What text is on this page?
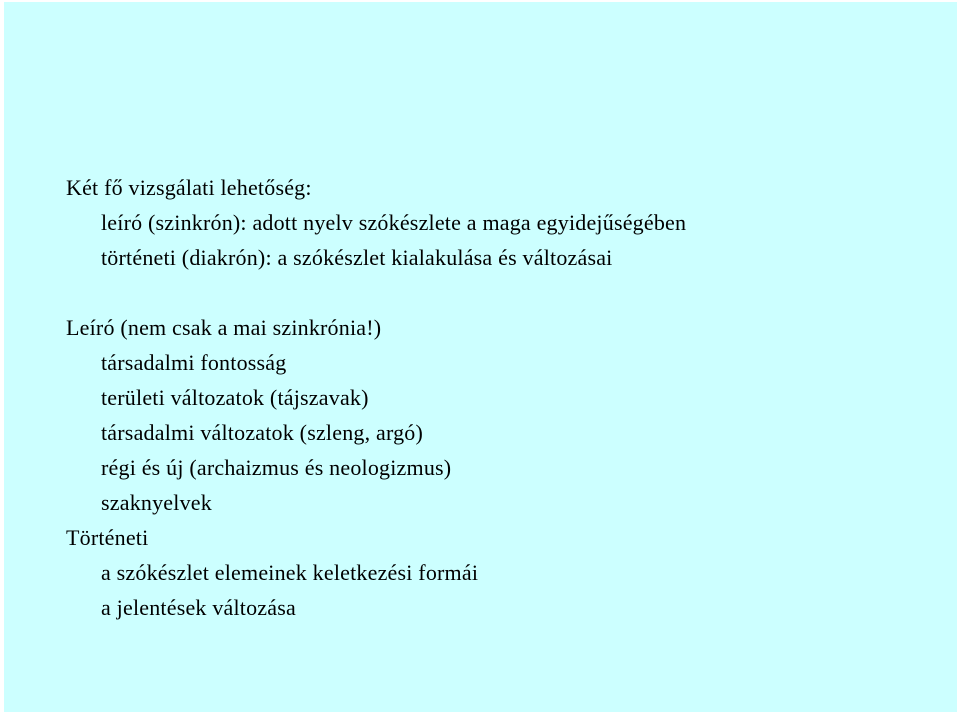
Két fő vizsgálati lehetőség:
leíró (szinkrón): adott nyelv szókészlete a maga egyidejűségében
történeti (diakrón): a szókészlet kialakulása és változásai
Leíró (nem csak a mai szinkrónia!)
társadalmi fontosság
területi változatok (tájszavak)
társadalmi változatok (szleng, argó)
régi és új (archaizmus és neologizmus)
szaknyelvek
Történeti
a szókészlet elemeinek keletkezési formái
a jelentések változása
